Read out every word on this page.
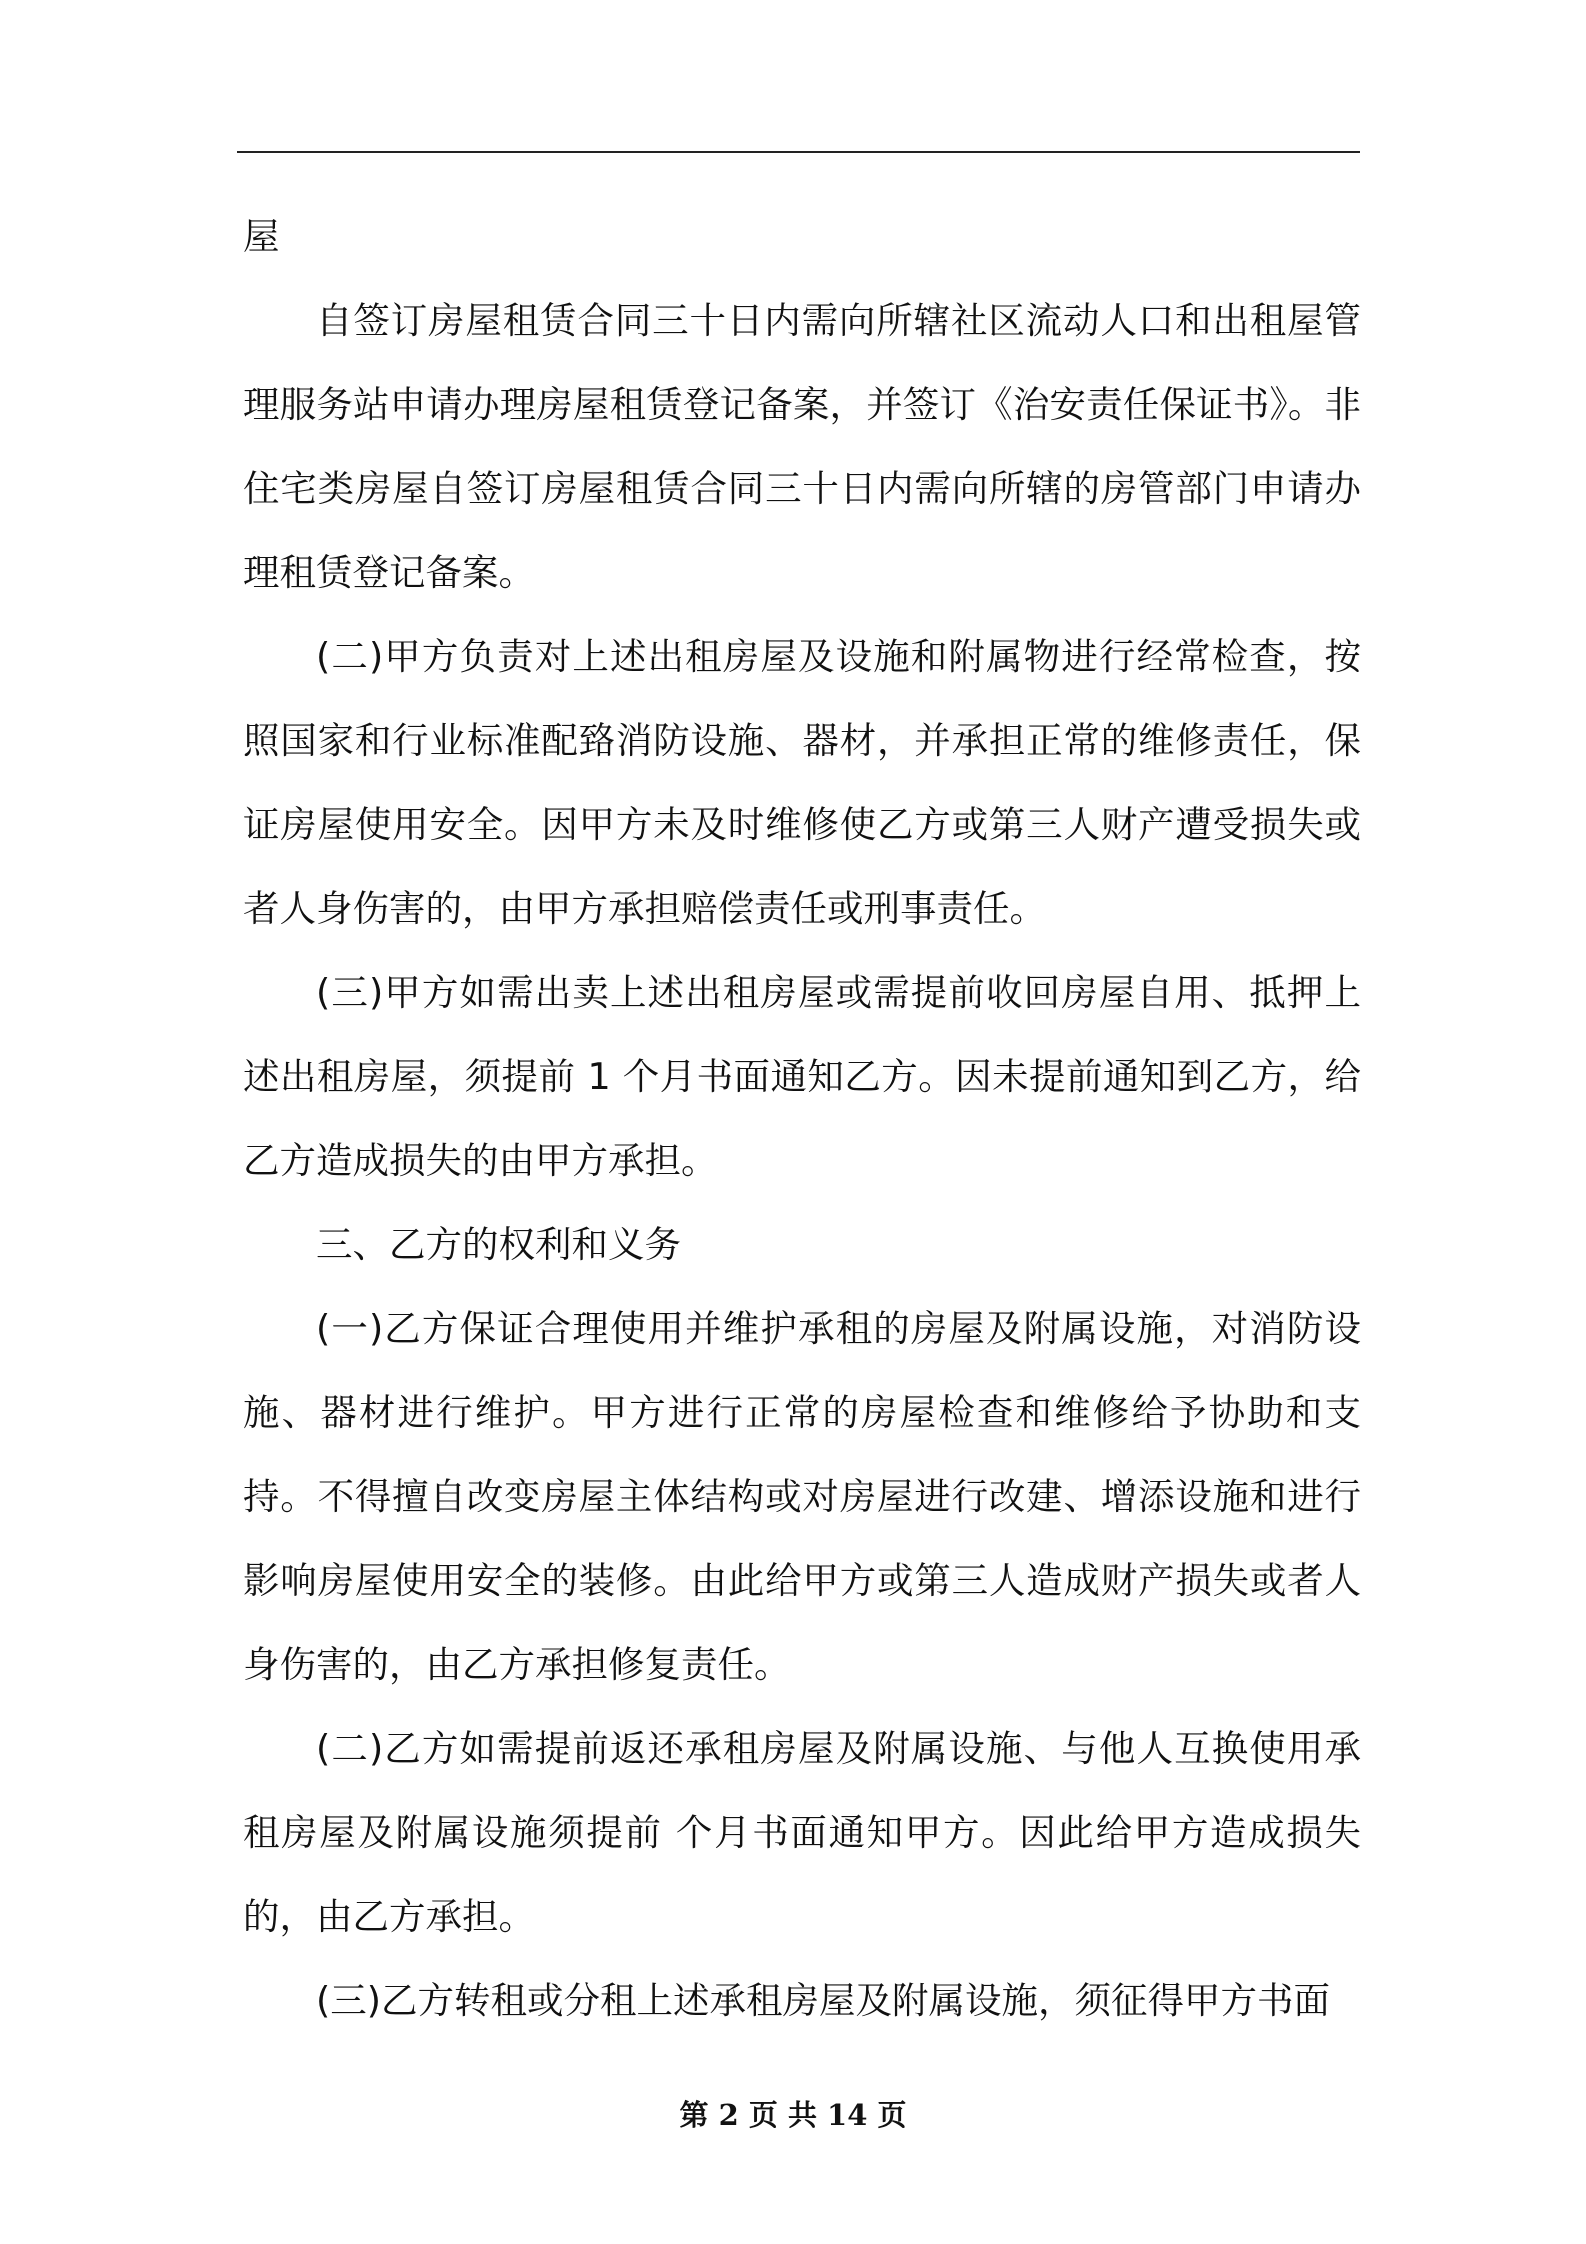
屋

自签订房屋租赁合同三十日内需向所辖社区流动人口和出租屋管理服务站申请办理房屋租赁登记备案，并签订《治安责任保证书》。非住宅类房屋自签订房屋租赁合同三十日内需向所辖的房管部门申请办理租赁登记备案。

(二)甲方负责对上述出租房屋及设施和附属物进行经常检查，按照国家和行业标准配臵消防设施、器材，并承担正常的维修责任，保证房屋使用安全。因甲方未及时维修使乙方或第三人财产遭受损失或者人身伤害的，由甲方承担赔偿责任或刑事责任。

(三)甲方如需出卖上述出租房屋或需提前收回房屋自用、抵押上述出租房屋，须提前 1 个月书面通知乙方。因未提前通知到乙方，给乙方造成损失的由甲方承担。

三、乙方的权利和义务

(一)乙方保证合理使用并维护承租的房屋及附属设施，对消防设施、器材进行维护。甲方进行正常的房屋检查和维修给予协助和支持。不得擅自改变房屋主体结构或对房屋进行改建、增添设施和进行影响房屋使用安全的装修。由此给甲方或第三人造成财产损失或者人身伤害的，由乙方承担修复责任。

(二)乙方如需提前返还承租房屋及附属设施、与他人互换使用承租房屋及附属设施须提前 个月书面通知甲方。因此给甲方造成损失的，由乙方承担。

(三)乙方转租或分租上述承租房屋及附属设施，须征得甲方书面

第 2 页 共 14 页
